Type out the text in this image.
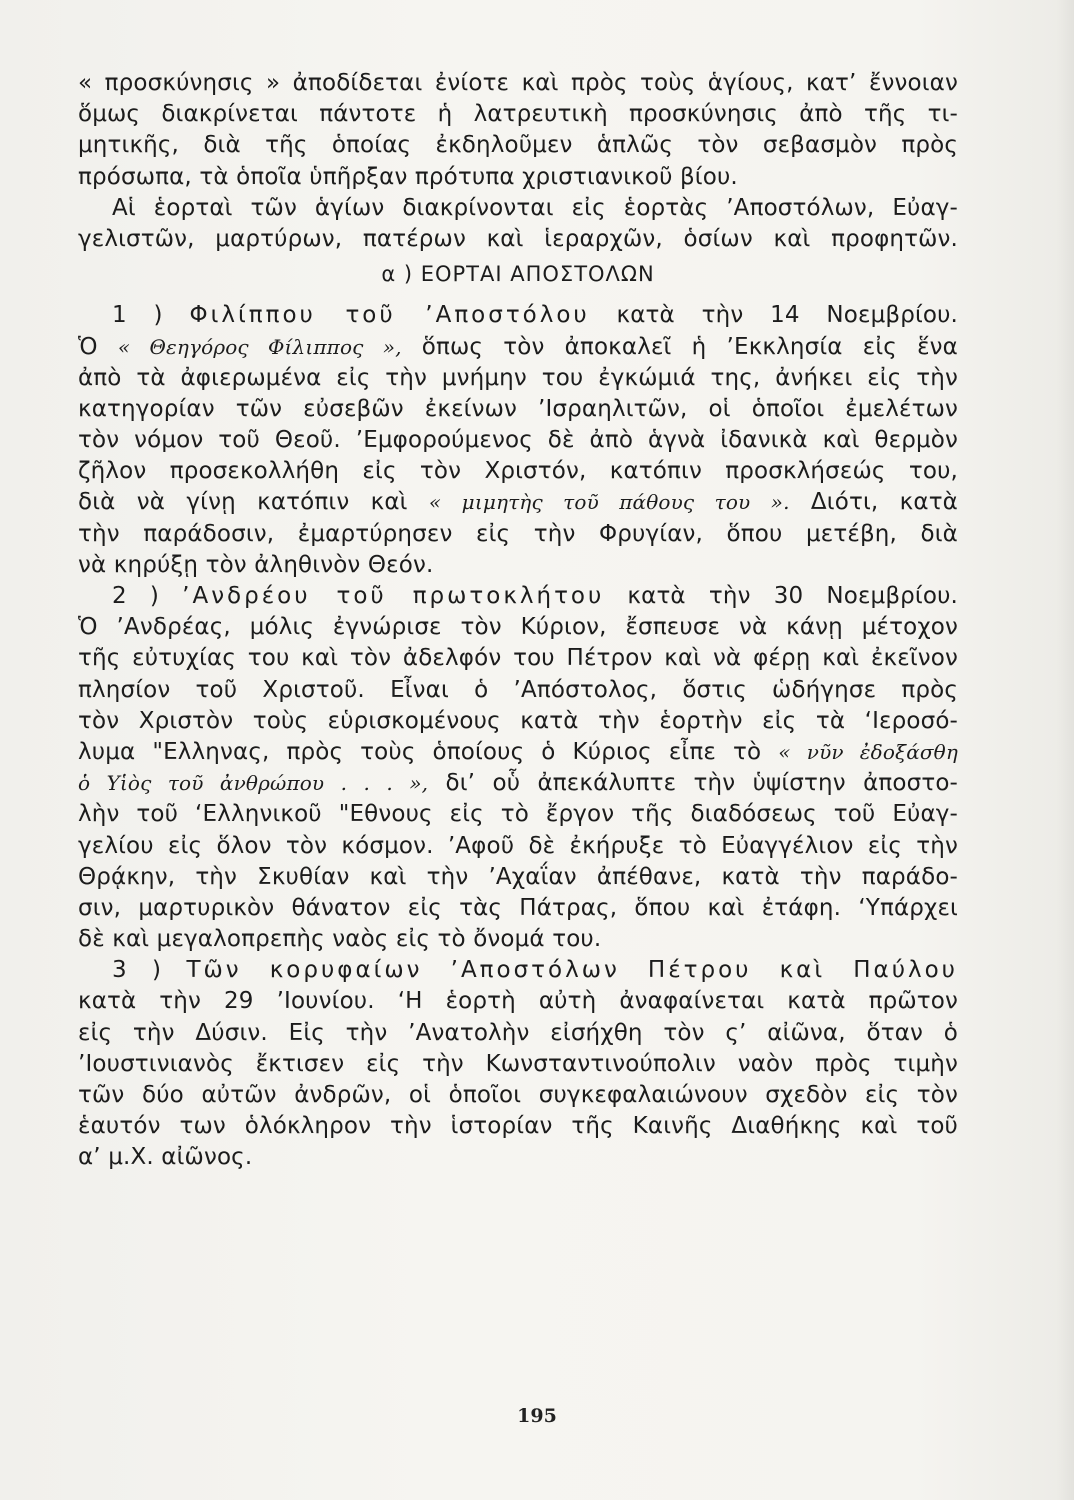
« προσκύνησις » ἀποδίδεται ἐνίοτε καὶ πρὸς τοὺς ἁγίους, κατ’ ἔννοιαν
ὅμως διακρίνεται πάντοτε ἡ λατρευτικὴ προσκύνησις ἀπὸ τῆς τι-
μητικῆς, διὰ τῆς ὁποίας ἐκδηλοῦμεν ἁπλῶς τὸν σεβασμὸν πρὸς
πρόσωπα, τὰ ὁποῖα ὑπῆρξαν πρότυπα χριστιανικοῦ βίου.
Αἱ ἑορταὶ τῶν ἁγίων διακρίνονται εἰς ἑορτὰς ’Αποστόλων, Εὐαγ-
γελιστῶν, μαρτύρων, πατέρων καὶ ἱεραρχῶν, ὁσίων καὶ προφητῶν.
α ) ΕΟΡΤΑΙ ΑΠΟΣΤΟΛΩΝ
1 ) Φιλίππου τοῦ ’Αποστόλου κατὰ τὴν 14 Νοεμβρίου.
Ὁ « Θεηγόρος Φίλιππος », ὅπως τὸν ἀποκαλεῖ ἡ ’Εκκλησία εἰς ἕνα
ἀπὸ τὰ ἀφιερωμένα εἰς τὴν μνήμην του ἐγκώμιά της, ἀνήκει εἰς τὴν
κατηγορίαν τῶν εὐσεβῶν ἐκείνων ’Ισραηλιτῶν, οἱ ὁποῖοι ἐμελέτων
τὸν νόμον τοῦ Θεοῦ. ’Εμφορούμενος δὲ ἀπὸ ἁγνὰ ἰδανικὰ καὶ θερμὸν
ζῆλον προσεκολλήθη εἰς τὸν Χριστόν, κατόπιν προσκλήσεώς του,
διὰ νὰ γίνῃ κατόπιν καὶ « μιμητὴς τοῦ πάθους του ». Διότι, κατὰ
τὴν παράδοσιν, ἐμαρτύρησεν εἰς τὴν Φρυγίαν, ὅπου μετέβη, διὰ
νὰ κηρύξῃ τὸν ἀληθινὸν Θεόν.
2 ) ’Ανδρέου τοῦ πρωτοκλήτου κατὰ τὴν 30 Νοεμβρίου.
Ὁ ’Ανδρέας, μόλις ἐγνώρισε τὸν Κύριον, ἔσπευσε νὰ κάνῃ μέτοχον
τῆς εὐτυχίας του καὶ τὸν ἀδελφόν του Πέτρον καὶ νὰ φέρῃ καὶ ἐκεῖνον
πλησίον τοῦ Χριστοῦ. Εἶναι ὁ ’Απόστολος, ὅστις ὡδήγησε πρὸς
τὸν Χριστὸν τοὺς εὑρισκομένους κατὰ τὴν ἑορτὴν εἰς τὰ ‘Ιεροσό-
λυμα "Ελληνας, πρὸς τοὺς ὁποίους ὁ Κύριος εἶπε τὸ « νῦν ἐδοξάσθη
ὁ Υἱὸς τοῦ ἀνθρώπου . . . », δι’ οὗ ἀπεκάλυπτε τὴν ὑψίστην ἀποστο-
λὴν τοῦ ‘Ελληνικοῦ "Εθνους εἰς τὸ ἔργον τῆς διαδόσεως τοῦ Εὐαγ-
γελίου εἰς ὅλον τὸν κόσμον. ’Αφοῦ δὲ ἐκήρυξε τὸ Εὐαγγέλιον εἰς τὴν
Θρᾴκην, τὴν Σκυθίαν καὶ τὴν ’Αχαΐαν ἀπέθανε, κατὰ τὴν παράδο-
σιν, μαρτυρικὸν θάνατον εἰς τὰς Πάτρας, ὅπου καὶ ἐτάφη. ‘Υπάρχει
δὲ καὶ μεγαλοπρεπὴς ναὸς εἰς τὸ ὄνομά του.
3 ) Τῶν κορυφαίων ’Αποστόλων Πέτρου καὶ Παύλου
κατὰ τὴν 29 ’Ιουνίου. ‘Η ἑορτὴ αὐτὴ ἀναφαίνεται κατὰ πρῶτον
εἰς τὴν Δύσιν. Εἰς τὴν ’Ανατολὴν εἰσήχθη τὸν ς’ αἰῶνα, ὅταν ὁ
’Ιουστινιανὸς ἔκτισεν εἰς τὴν Κωνσταντινούπολιν ναὸν πρὸς τιμὴν
τῶν δύο αὐτῶν ἀνδρῶν, οἱ ὁποῖοι συγκεφαλαιώνουν σχεδὸν εἰς τὸν
ἑαυτόν των ὁλόκληρον τὴν ἱστορίαν τῆς Καινῆς Διαθήκης καὶ τοῦ
α’ μ.Χ. αἰῶνος.
195
